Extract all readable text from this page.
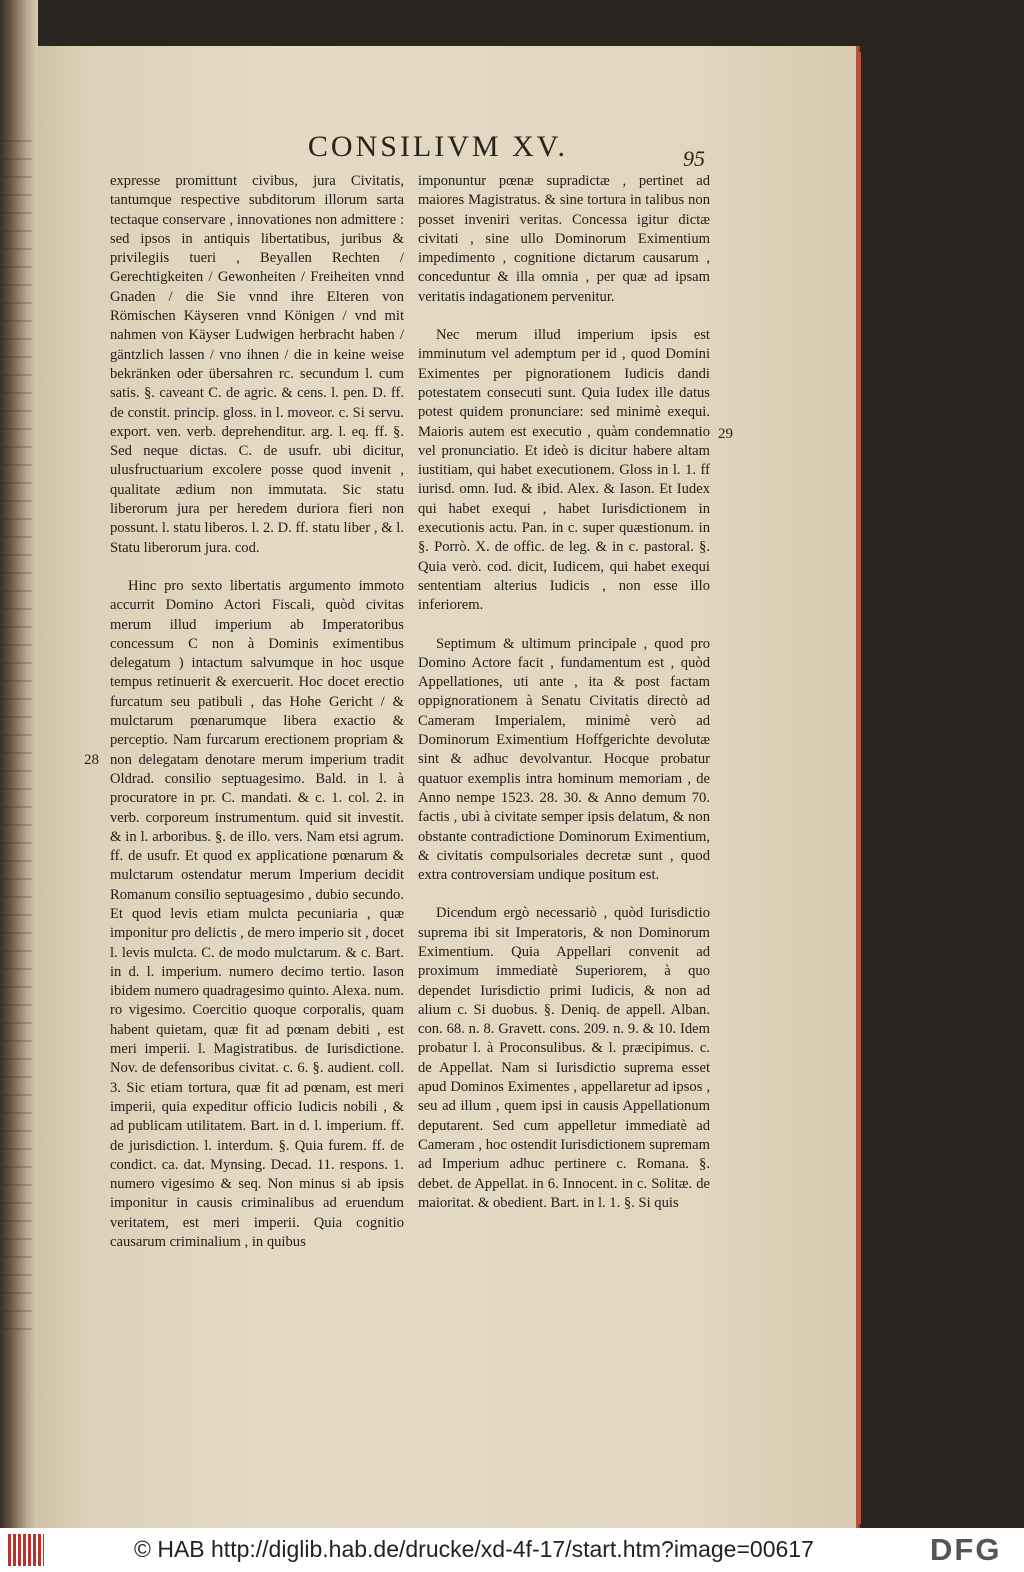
CONSILIVM XV.	95
28
29

expresse promittunt civibus, jura Civitatis, tantumque respective subditorum illorum sarta tectaque conservare , innovationes non admittere : sed ipsos in antiquis libertatibus, juribus & privilegiis tueri , Beyallen Rechten / Gerechtigkeiten / Gewonheiten / Freiheiten vnnd Gnaden / die Sie vnnd ihre Elteren von Römischen Käyseren vnnd Königen / vnd mit nahmen von Käyser Ludwigen herbracht haben / gäntzlich lassen / vno ihnen / die in keine weise bekränken oder übersahren rc. secundum l. cum satis. §. caveant C. de agric. & cens. l. pen. D. ff. de constit. princip. gloss. in l. moveor. c. Si servu. export. ven. verb. deprehenditur. arg. l. eq. ff. §. Sed neque dictas. C. de usufr. ubi dicitur, ulusfructuarium excolere posse quod invenit , qualitate ædium non immutata. Sic statu liberorum jura per heredem duriora fieri non possunt. l. statu liberos. l. 2. D. ff. statu liber , & l. Statu liberorum jura. cod.

Hinc pro sexto libertatis argumento immoto accurrit Domino Actori Fiscali, quòd civitas merum illud imperium ab Imperatoribus concessum C non à Dominis eximentibus delegatum ) intactum salvumque in hoc usque tempus retinuerit & exercuerit. Hoc docet erectio furcatum seu patibuli , das Hohe Gericht / & mulctarum pœnarumque libera exactio & perceptio. Nam furcarum erectionem propriam & non delegatam denotare merum imperium tradit Oldrad. consilio septuagesimo. Bald. in l. à procuratore in pr. C. mandati. & c. 1. col. 2. in verb. corporeum instrumentum. quid sit investit. & in l. arboribus. §. de illo. vers. Nam etsi agrum. ff. de usufr. Et quod ex applicatione pœnarum & mulctarum ostendatur merum Imperium decidit Romanum consilio septuagesimo , dubio secundo. Et quod levis etiam mulcta pecuniaria , quæ imponitur pro delictis , de mero imperio sit , docet l. levis mulcta. C. de modo mulctarum. & c. Bart. in d. l. imperium. numero decimo tertio. Iason ibidem numero quadragesimo quinto. Alexa. num. ro vigesimo. Coercitio quoque corporalis, quam habent quietam, quæ fit ad pœnam debiti , est meri imperii. l. Magistratibus. de Iurisdictione. Nov. de defensoribus civitat. c. 6. §. audient. coll. 3. Sic etiam tortura, quæ fit ad pœnam, est meri imperii, quia expeditur officio Iudicis nobili , & ad publicam utilitatem. Bart. in d. l. imperium. ff. de jurisdiction. l. interdum. §. Quia furem. ff. de condict. ca. dat. Mynsing. Decad. 11. respons. 1. numero vigesimo & seq. Non minus si ab ipsis imponitur in causis criminalibus ad eruendum veritatem, est meri imperii. Quia cognitio causarum criminalium , in quibus

imponuntur pœnæ supradictæ , pertinet ad maiores Magistratus. & sine tortura in talibus non posset inveniri veritas. Concessa igitur dictæ civitati , sine ullo Dominorum Eximentium impedimento , cognitione dictarum causarum , conceduntur & illa omnia , per quæ ad ipsam veritatis indagationem pervenitur.

Nec merum illud imperium ipsis est imminutum vel ademptum per id , quod Domini Eximentes per pignorationem Iudicis dandi potestatem consecuti sunt. Quia Iudex ille datus potest quidem pronunciare: sed minimè exequi. Maioris autem est executio , quàm condemnatio vel pronunciatio. Et ideò is dicitur habere altam iustitiam, qui habet executionem. Gloss in l. 1. ff iurisd. omn. Iud. & ibid. Alex. & Iason. Et Iudex qui habet exequi , habet Iurisdictionem in executionis actu. Pan. in c. super quæstionum. in §. Porrò. X. de offic. de leg. & in c. pastoral. §. Quia verò. cod. dicit, Iudicem, qui habet exequi sententiam alterius Iudicis , non esse illo inferiorem.

Septimum & ultimum principale , quod pro Domino Actore facit , fundamentum est , quòd Appellationes, uti ante , ita & post factam oppignorationem à Senatu Civitatis directò ad Cameram Imperialem, minimè verò ad Dominorum Eximentium Hoffgerichte devolutæ sint & adhuc devolvantur. Hocque probatur quatuor exemplis intra hominum memoriam , de Anno nempe 1523. 28. 30. & Anno demum 70. factis , ubi à civitate semper ipsis delatum, & non obstante contradictione Dominorum Eximentium, & civitatis compulsoriales decretæ sunt , quod extra controversiam undique positum est.

Dicendum ergò necessariò , quòd Iurisdictio suprema ibi sit Imperatoris, & non Dominorum Eximentium. Quia Appellari convenit ad proximum immediatè Superiorem, à quo dependet Iurisdictio primi Iudicis, & non ad alium c. Si duobus. §. Deniq. de appell. Alban. con. 68. n. 8. Gravett. cons. 209. n. 9. & 10. Idem probatur l. à Proconsulibus. & l. præcipimus. c. de Appellat. Nam si Iurisdictio suprema esset apud Dominos Eximentes , appellaretur ad ipsos , seu ad illum , quem ipsi in causis Appellationum deputarent. Sed cum appelletur immediatè ad Cameram , hoc ostendit Iurisdictionem supremam ad Imperium adhuc pertinere c. Romana. §. debet. de Appellat. in 6. Innocent. in c. Solitæ. de maioritat. & obedient. Bart. in l. 1. §. Si quis

© HAB http://diglib.hab.de/drucke/xd-4f-17/start.htm?image=00617	DFG
